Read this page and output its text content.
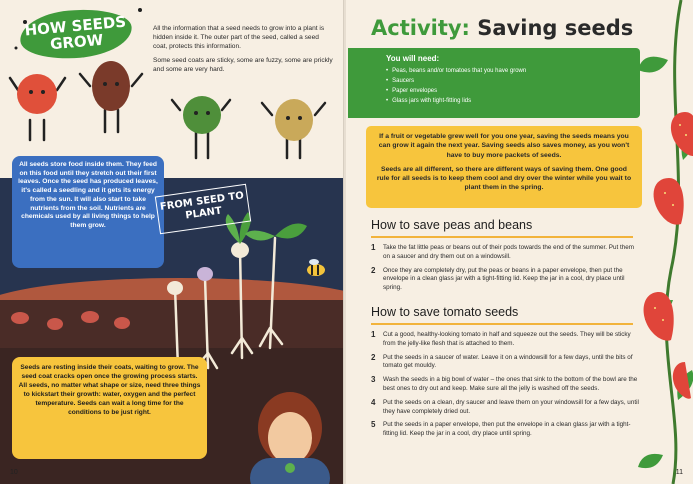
HOW SEEDS GROW

All the information that a seed needs to grow into a plant is hidden inside it. The outer part of the seed, called a seed coat, protects this information.

Some seed coats are sticky, some are fuzzy, some are prickly and some are very hard.

All seeds store food inside them. They feed on this food until they stretch out their first leaves. Once the seed has produced leaves, it's called a seedling and it gets its energy from the sun. It will also start to take nutrients from the soil. Nutrients are chemicals used by all living things to help them grow.
FROM SEED TO PLANT
Seeds are resting inside their coats, waiting to grow. The seed coat cracks open once the growing process starts. All seeds, no matter what shape or size, need three things to kickstart their growth: water, oxygen and the perfect temperature. Seeds can wait a long time for the conditions to be just right.
10
Activity: Saving seeds
You will need:
• Peas, beans and/or tomatoes that you have grown
• Saucers
• Paper envelopes
• Glass jars with tight-fitting lids

If a fruit or vegetable grew well for you one year, saving the seeds means you can grow it again the next year. Saving seeds also saves money, as you won't have to buy more packets of seeds.

Seeds are all different, so there are different ways of saving them. One good rule for all seeds is to keep them cool and dry over the winter while you wait to plant them in the spring.

How to save peas and beans
1 Take the fat little peas or beans out of their pods towards the end of the summer. Put them on a saucer and dry them out on a windowsill.
2 Once they are completely dry, put the peas or beans in a paper envelope, then put the envelope in a clean glass jar with a tight-fitting lid. Keep the jar in a cool, dry place until spring.
How to save tomato seeds
1 Cut a good, healthy-looking tomato in half and squeeze out the seeds. They will be sticky from the jelly-like flesh that is attached to them.
2 Put the seeds in a saucer of water. Leave it on a windowsill for a few days, until the bits of tomato get mouldy.
3 Wash the seeds in a big bowl of water – the ones that sink to the bottom of the bowl are the best ones to dry out and keep. Make sure all the jelly is washed off the seeds.
4 Put the seeds on a clean, dry saucer and leave them on your windowsill for a few days, until they have completely dried out.
5 Put the seeds in a paper envelope, then put the envelope in a clean glass jar with a tight-fitting lid. Keep the jar in a cool, dry place until spring.
11
